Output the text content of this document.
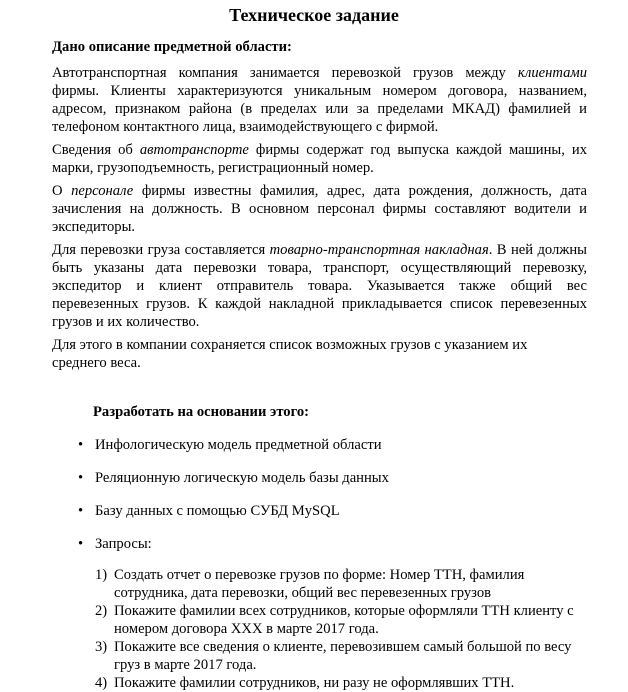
Техническое задание
Дано описание предметной области:
Автотранспортная компания занимается перевозкой грузов между клиентами фирмы. Клиенты характеризуются уникальным номером договора, названием, адресом, признаком района (в пределах или за пределами МКАД) фамилией и телефоном контактного лица, взаимодействующего с фирмой.
Сведения об автотранспорте фирмы содержат год выпуска каждой машины, их марки, грузоподъемность, регистрационный номер.
О персонале фирмы известны фамилия, адрес, дата рождения, должность, дата зачисления на должность. В основном персонал фирмы составляют водители и экспедиторы.
Для перевозки груза составляется товарно-транспортная накладная. В ней должны быть указаны дата перевозки товара, транспорт, осуществляющий перевозку, экспедитор и клиент отправитель товара. Указывается также общий вес перевезенных грузов. К каждой накладной прикладывается список перевезенных грузов и их количество.
Для этого в компании сохраняется список возможных грузов с указанием их среднего веса.
Разработать на основании этого:
• Инфологическую модель предметной области
• Реляционную логическую модель базы данных
• Базу данных с помощью СУБД MySQL
• Запросы:
1) Создать отчет о перевозке грузов по форме: Номер ТТН, фамилия сотрудника, дата перевозки, общий вес перевезенных грузов
2) Покажите фамилии всех сотрудников, которые оформляли ТТН клиенту с номером договора XXX в марте 2017 года.
3) Покажите все сведения о клиенте, перевозившем самый большой по весу груз в марте 2017 года.
4) Покажите фамилии сотрудников, ни разу не оформлявших ТТН.
